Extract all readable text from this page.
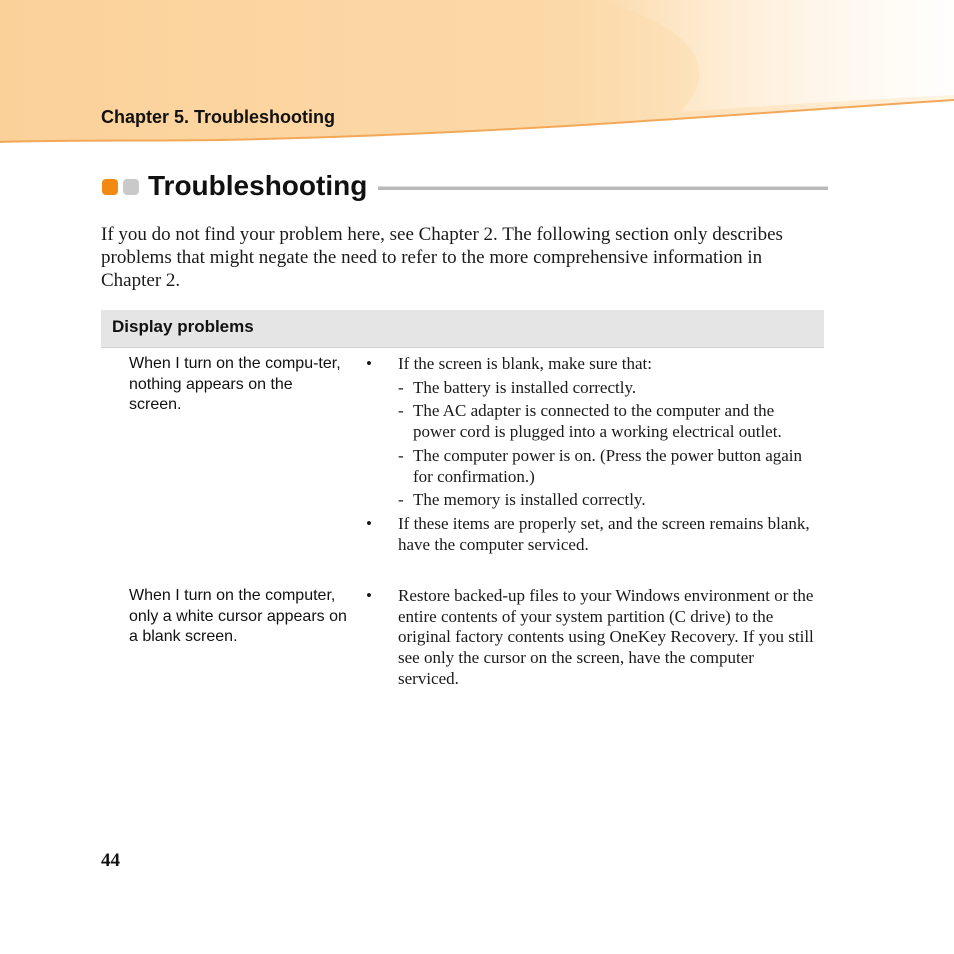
Chapter 5. Troubleshooting
Troubleshooting

If you do not find your problem here, see Chapter 2. The following section only describes problems that might negate the need to refer to the more comprehensive information in Chapter 2.

Display problems
When I turn on the compu-ter, nothing appears on the screen.
• If the screen is blank, make sure that:
- The battery is installed correctly.
- The AC adapter is connected to the computer and the power cord is plugged into a working electrical outlet.
- The computer power is on. (Press the power button again for confirmation.)
- The memory is installed correctly.
• If these items are properly set, and the screen remains blank, have the computer serviced.
When I turn on the computer, only a white cursor appears on a blank screen.
• Restore backed-up files to your Windows environment or the entire contents of your system partition (C drive) to the original factory contents using OneKey Recovery. If you still see only the cursor on the screen, have the computer serviced.
44
